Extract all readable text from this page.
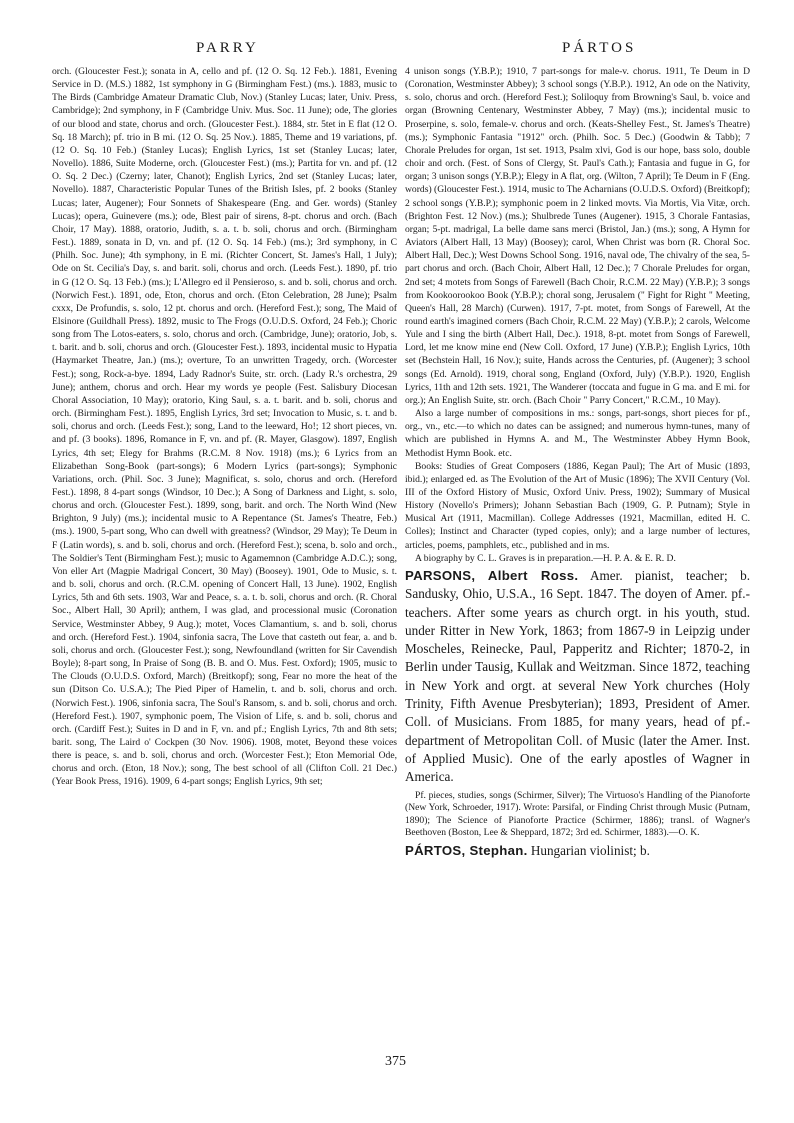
PARRY	PÁRTOS

orch. (Gloucester Fest.); sonata in A, cello and pf. (12 O. Sq. 12 Feb.). 1881, Evening Service in D. (M.S.) 1882, 1st symphony in G (Birmingham Fest.) (ms.). 1883, music to The Birds (Cambridge Amateur Dramatic Club, Nov.) (Stanley Lucas; later, Univ. Press, Cambridge); 2nd symphony, in F (Cambridge Univ. Mus. Soc. 11 June); ode, The glories of our blood and state, chorus and orch. (Gloucester Fest.). 1884, str. 5tet in E flat (12 O. Sq. 18 March); pf. trio in B mi. (12 O. Sq. 25 Nov.). 1885, Theme and 19 variations, pf. (12 O. Sq. 10 Feb.) (Stanley Lucas); English Lyrics, 1st set (Stanley Lucas; later, Novello). 1886, Suite Moderne, orch. (Gloucester Fest.) (ms.); Partita for vn. and pf. (12 O. Sq. 2 Dec.) (Czerny; later, Chanot); English Lyrics, 2nd set (Stanley Lucas; later, Novello). 1887, Characteristic Popular Tunes of the British Isles, pf. 2 books (Stanley Lucas; later, Augener); Four Sonnets of Shakespeare (Eng. and Ger. words) (Stanley Lucas); opera, Guinevere (ms.); ode, Blest pair of sirens, 8-pt. chorus and orch. (Bach Choir, 17 May). 1888, oratorio, Judith, s. a. t. b. soli, chorus and orch. (Birmingham Fest.). 1889, sonata in D, vn. and pf. (12 O. Sq. 14 Feb.) (ms.); 3rd symphony, in C (Philh. Soc. June); 4th symphony, in E mi. (Richter Concert, St. James's Hall, 1 July); Ode on St. Cecilia's Day, s. and barit. soli, chorus and orch. (Leeds Fest.). 1890, pf. trio in G (12 O. Sq. 13 Feb.) (ms.); L'Allegro ed il Pensieroso, s. and b. soli, chorus and orch. (Norwich Fest.). 1891, ode, Eton, chorus and orch. (Eton Celebration, 28 June); Psalm cxxx, De Profundis, s. solo, 12 pt. chorus and orch. (Hereford Fest.); song, The Maid of Elsinore (Guildhall Press). 1892, music to The Frogs (O.U.D.S. Oxford, 24 Feb.); Choric song from The Lotos-eaters, s. solo, chorus and orch. (Cambridge, June); oratorio, Job, s. t. barit. and b. soli, chorus and orch. (Gloucester Fest.). 1893, incidental music to Hypatia (Haymarket Theatre, Jan.) (ms.); overture, To an unwritten Tragedy, orch. (Worcester Fest.); song, Rock-a-bye. 1894, Lady Radnor's Suite, str. orch. (Lady R.'s orchestra, 29 June); anthem, chorus and orch. Hear my words ye people (Fest. Salisbury Diocesan Choral Association, 10 May); oratorio, King Saul, s. a. t. barit. and b. soli, chorus and orch. (Birmingham Fest.). 1895, English Lyrics, 3rd set; Invocation to Music, s. t. and b. soli, chorus and orch. (Leeds Fest.); song, Land to the leeward, Ho!; 12 short pieces, vn. and pf. (3 books). 1896, Romance in F, vn. and pf. (R. Mayer, Glasgow). 1897, English Lyrics, 4th set; Elegy for Brahms (R.C.M. 8 Nov. 1918) (ms.); 6 Lyrics from an Elizabethan Song-Book (part-songs); 6 Modern Lyrics (part-songs); Symphonic Variations, orch. (Phil. Soc. 3 June); Magnificat, s. solo, chorus and orch. (Hereford Fest.). 1898, 8 4-part songs (Windsor, 10 Dec.); A Song of Darkness and Light, s. solo, chorus and orch. (Gloucester Fest.). 1899, song, barit. and orch. The North Wind (New Brighton, 9 July) (ms.); incidental music to A Repentance (St. James's Theatre, Feb.) (ms.). 1900, 5-part song, Who can dwell with greatness? (Windsor, 29 May); Te Deum in F (Latin words), s. and b. soli, chorus and orch. (Hereford Fest.); scena, b. solo and orch., The Soldier's Tent (Birmingham Fest.); music to Agamemnon (Cambridge A.D.C.); song, Von eller Art (Magpie Madrigal Concert, 30 May) (Boosey). 1901, Ode to Music, s. t. and b. soli, chorus and orch. (R.C.M. opening of Concert Hall, 13 June). 1902, English Lyrics, 5th and 6th sets. 1903, War and Peace, s. a. t. b. soli, chorus and orch. (R. Choral Soc., Albert Hall, 30 April); anthem, I was glad, and processional music (Coronation Service, Westminster Abbey, 9 Aug.); motet, Voces Clamantium, s. and b. soli, chorus and orch. (Hereford Fest.). 1904, sinfonia sacra, The Love that casteth out fear, a. and b. soli, chorus and orch. (Gloucester Fest.); song, Newfoundland (written for Sir Cavendish Boyle); 8-part song, In Praise of Song (B. B. and O. Mus. Fest. Oxford); 1905, music to The Clouds (O.U.D.S. Oxford, March) (Breitkopf); song, Fear no more the heat of the sun (Ditson Co. U.S.A.); The Pied Piper of Hamelin, t. and b. soli, chorus and orch. (Norwich Fest.). 1906, sinfonia sacra, The Soul's Ransom, s. and b. soli, chorus and orch. (Hereford Fest.). 1907, symphonic poem, The Vision of Life, s. and b. soli, chorus and orch. (Cardiff Fest.); Suites in D and in F, vn. and pf.; English Lyrics, 7th and 8th sets; barit. song, The Laird o' Cockpen (30 Nov. 1906). 1908, motet, Beyond these voices there is peace, s. and b. soli, chorus and orch. (Worcester Fest.); Eton Memorial Ode, chorus and orch. (Eton, 18 Nov.); song, The best school of all (Clifton Coll. 21 Dec.) (Year Book Press, 1916). 1909, 6 4-part songs; English Lyrics, 9th set;

4 unison songs (Y.B.P.); 1910, 7 part-songs for male-v. chorus. 1911, Te Deum in D (Coronation, Westminster Abbey); 3 school songs (Y.B.P.). 1912, An ode on the Nativity, s. solo, chorus and orch. (Hereford Fest.); Soliloquy from Browning's Saul, b. voice and organ (Browning Centenary, Westminster Abbey, 7 May) (ms.); incidental music to Proserpine, s. solo, female-v. chorus and orch. (Keats-Shelley Fest., St. James's Theatre) (ms.); Symphonic Fantasia "1912" orch. (Philh. Soc. 5 Dec.) (Goodwin & Tabb); 7 Chorale Preludes for organ, 1st set. 1913, Psalm xlvi, God is our hope, bass solo, double choir and orch. (Fest. of Sons of Clergy, St. Paul's Cath.); Fantasia and fugue in G, for organ; 3 unison songs (Y.B.P.); Elegy in A flat, org. (Wilton, 7 April); Te Deum in F (Eng. words) (Gloucester Fest.). 1914, music to The Acharnians (O.U.D.S. Oxford) (Breitkopf); 2 school songs (Y.B.P.); symphonic poem in 2 linked movts. Via Mortis, Via Vitæ, orch. (Brighton Fest. 12 Nov.) (ms.); Shulbrede Tunes (Augener). 1915, 3 Chorale Fantasias, organ; 5-pt. madrigal, La belle dame sans merci (Bristol, Jan.) (ms.); song, A Hymn for Aviators (Albert Hall, 13 May) (Boosey); carol, When Christ was born (R. Choral Soc. Albert Hall, Dec.); West Downs School Song. 1916, naval ode, The chivalry of the sea, 5-part chorus and orch. (Bach Choir, Albert Hall, 12 Dec.); 7 Chorale Preludes for organ, 2nd set; 4 motets from Songs of Farewell (Bach Choir, R.C.M. 22 May) (Y.B.P.); 3 songs from Kookoorookoo Book (Y.B.P.); choral song, Jerusalem (" Fight for Right " Meeting, Queen's Hall, 28 March) (Curwen). 1917, 7-pt. motet, from Songs of Farewell, At the round earth's imagined corners (Bach Choir, R.C.M. 22 May) (Y.B.P.); 2 carols, Welcome Yule and I sing the birth (Albert Hall, Dec.). 1918, 8-pt. motet from Songs of Farewell, Lord, let me know mine end (New Coll. Oxford, 17 June) (Y.B.P.); English Lyrics, 10th set (Bechstein Hall, 16 Nov.); suite, Hands across the Centuries, pf. (Augener); 3 school songs (Ed. Arnold). 1919, choral song, England (Oxford, July) (Y.B.P.). 1920, English Lyrics, 11th and 12th sets. 1921, The Wanderer (toccata and fugue in G ma. and E mi. for org.); An English Suite, str. orch. (Bach Choir " Parry Concert," R.C.M., 10 May).

Also a large number of compositions in ms.: songs, part-songs, short pieces for pf., org., vn., etc.—to which no dates can be assigned; and numerous hymn-tunes, many of which are published in Hymns A. and M., The Westminster Abbey Hymn Book, Methodist Hymn Book. etc.

Books: Studies of Great Composers (1886, Kegan Paul); The Art of Music (1893, ibid.); enlarged ed. as The Evolution of the Art of Music (1896); The XVII Century (Vol. III of the Oxford History of Music, Oxford Univ. Press, 1902); Summary of Musical History (Novello's Primers); Johann Sebastian Bach (1909, G. P. Putnam); Style in Musical Art (1911, Macmillan). College Addresses (1921, Macmillan, edited H. C. Colles); Instinct and Character (typed copies, only); and a large number of lectures, articles, poems, pamphlets, etc., published and in ms.

A biography by C. L. Graves is in preparation.—H. P. A. & E. R. D.

PARSONS, Albert Ross. Amer. pianist, teacher; b. Sandusky, Ohio, U.S.A., 16 Sept. 1847. The doyen of Amer. pf.-teachers. After some years as church orgt. in his youth, stud. under Ritter in New York, 1863; from 1867-9 in Leipzig under Moscheles, Reinecke, Paul, Papperitz and Richter; 1870-2, in Berlin under Tausig, Kullak and Weitzman. Since 1872, teaching in New York and orgt. at several New York churches (Holy Trinity, Fifth Avenue Presbyterian); 1893, President of Amer. Coll. of Musicians. From 1885, for many years, head of pf.-department of Metropolitan Coll. of Music (later the Amer. Inst. of Applied Music). One of the early apostles of Wagner in America.

Pf. pieces, studies, songs (Schirmer, Silver); The Virtuoso's Handling of the Pianoforte (New York, Schroeder, 1917). Wrote: Parsifal, or Finding Christ through Music (Putnam, 1890); The Science of Pianoforte Practice (Schirmer, 1886); transl. of Wagner's Beethoven (Boston, Lee & Sheppard, 1872; 3rd ed. Schirmer, 1883).—O. K.

PÁRTOS, Stephan. Hungarian violinist; b.

375
